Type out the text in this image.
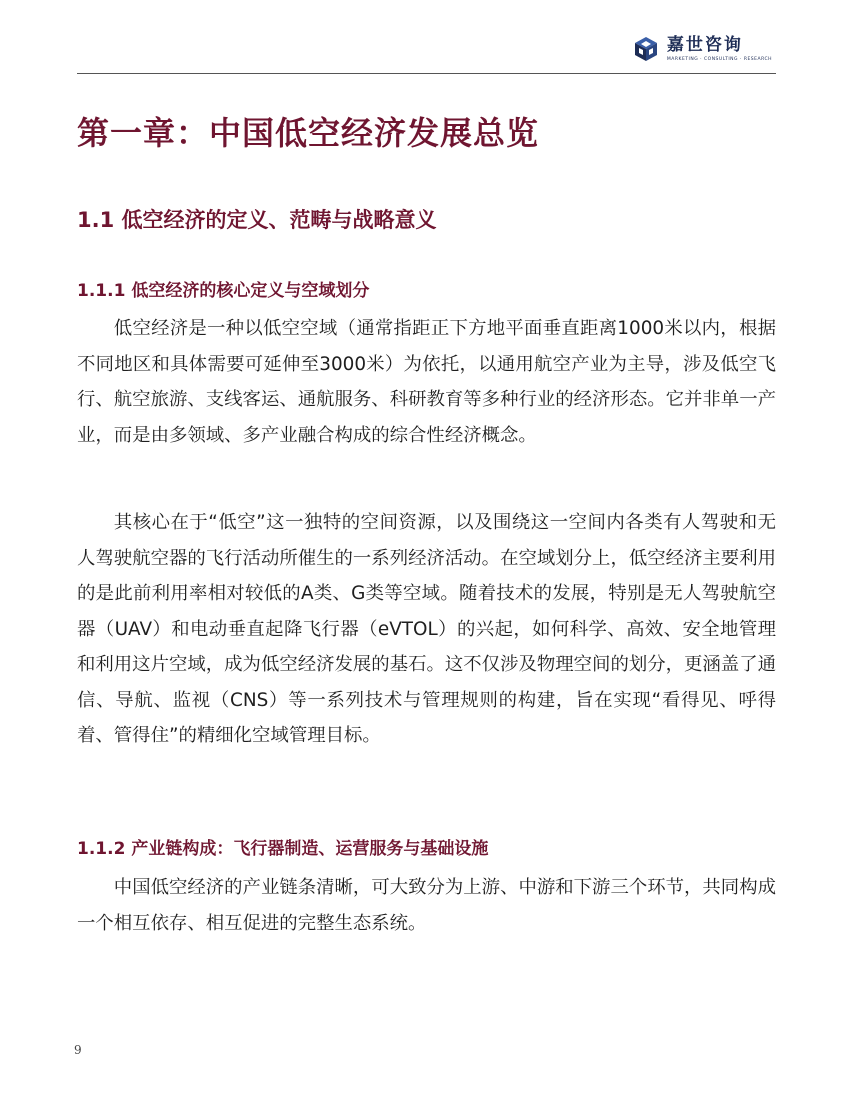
嘉世咨询
MARKETING · CONSULTING · RESEARCH
第一章：中国低空经济发展总览
1.1 低空经济的定义、范畴与战略意义
1.1.1 低空经济的核心定义与空域划分

低空经济是一种以低空空域（通常指距正下方地平面垂直距离1000米以内，根据不同地区和具体需要可延伸至3000米）为依托，以通用航空产业为主导，涉及低空飞行、航空旅游、支线客运、通航服务、科研教育等多种行业的经济形态。它并非单一产业，而是由多领域、多产业融合构成的综合性经济概念。

其核心在于“低空”这一独特的空间资源，以及围绕这一空间内各类有人驾驶和无人驾驶航空器的飞行活动所催生的一系列经济活动。在空域划分上，低空经济主要利用的是此前利用率相对较低的A类、G类等空域。随着技术的发展，特别是无人驾驶航空器（UAV）和电动垂直起降飞行器（eVTOL）的兴起，如何科学、高效、安全地管理和利用这片空域，成为低空经济发展的基石。这不仅涉及物理空间的划分，更涵盖了通信、导航、监视（CNS）等一系列技术与管理规则的构建，旨在实现“看得见、呼得着、管得住”的精细化空域管理目标。

1.1.2 产业链构成：飞行器制造、运营服务与基础设施

中国低空经济的产业链条清晰，可大致分为上游、中游和下游三个环节，共同构成一个相互依存、相互促进的完整生态系统。

9
